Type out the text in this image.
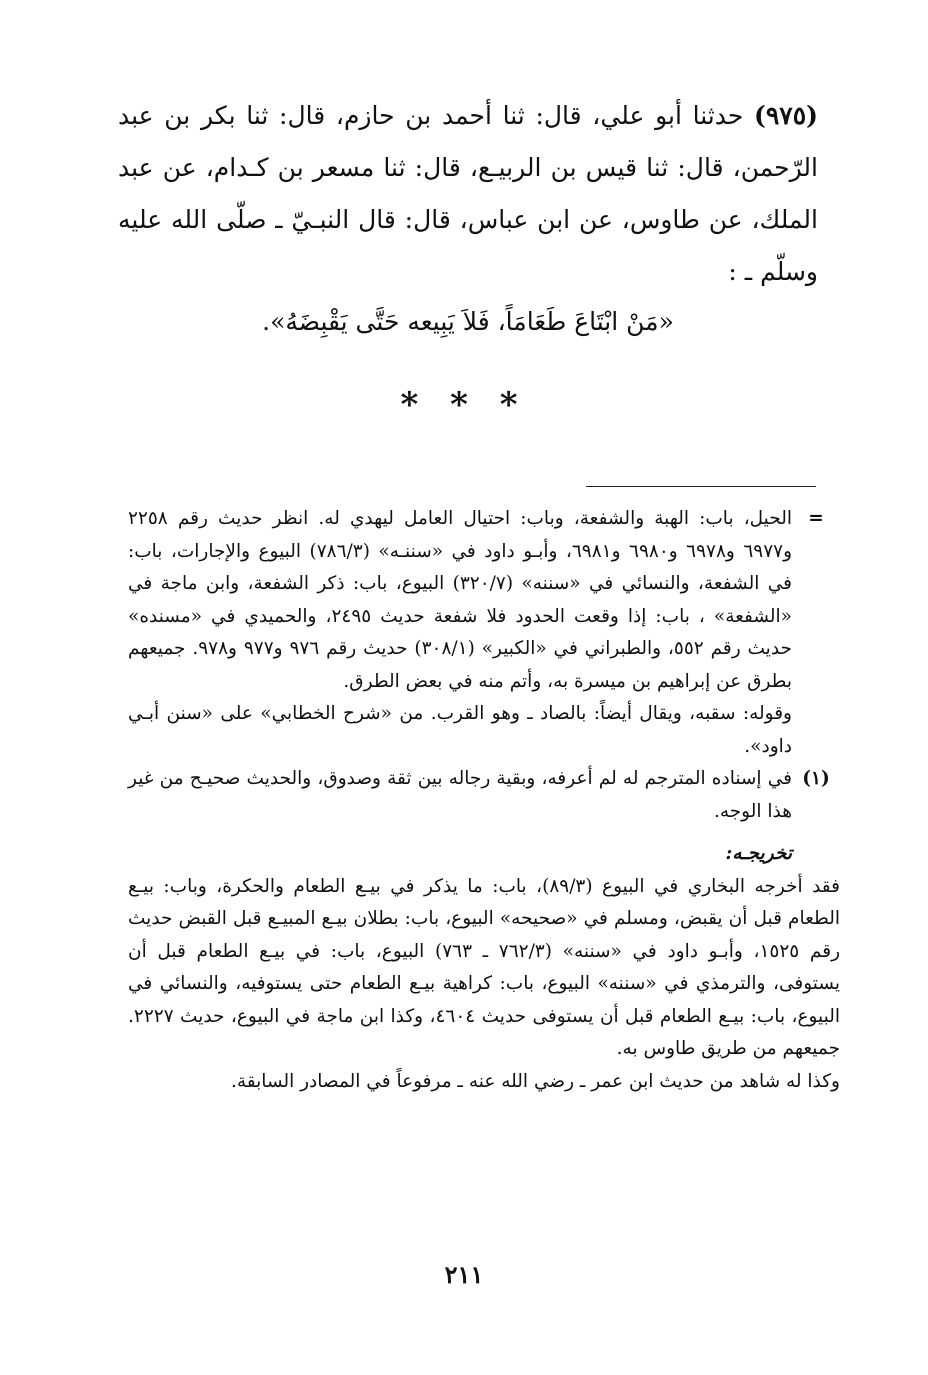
(٩٧٥) حدثنا أبو علي، قال: ثنا أحمد بن حازم، قال: ثنا بكر بن عبد الرّحمن، قال: ثنا قيس بن الربيـع، قال: ثنا مسعر بن كـدام، عن عبد الملك، عن طاوس، عن ابن عباس، قال: قال النبـيّ ـ صلّى الله عليه وسلّم ـ :

«مَنْ ابْتَاعَ طَعَامَاً، فَلاَ يَبِيعه حَتَّى يَقْبِضَهُ».
* * *
=

الحيل، باب: الهبة والشفعة، وباب: احتيال العامل ليهدي له. انظر حديث رقم ٢٢٥٨ و٦٩٧٧ و٦٩٧٨ و٦٩٨٠ و٦٩٨١، وأبـو داود في «سننـه» (٧٨٦/٣) البيوع والإجارات، باب: في الشفعة، والنسائي في «سننه» (٣٢٠/٧) البيوع، باب: ذكر الشفعة، وابن ماجة في «الشفعة» ، باب: إذا وقعت الحدود فلا شفعة حديث ٢٤٩٥، والحميدي في «مسنده» حديث رقم ٥٥٢، والطبراني في «الكبير» (٣٠٨/١) حديث رقم ٩٧٦ و٩٧٧ و٩٧٨. جميعهم بطرق عن إبراهيم بن ميسرة به، وأتم منه في بعض الطرق.

وقوله: سقبه، ويقال أيضاً: بالصاد ـ وهو القرب. من «شرح الخطابي» على «سنن أبـي داود».

(١)

في إسناده المترجم له لم أعرفه، وبقية رجاله بين ثقة وصدوق، والحديث صحيـح من غير هذا الوجه.

تخريجـه:

فقد أخرجه البخاري في البيوع (٨٩/٣)، باب: ما يذكر في بيـع الطعام والحكرة، وباب: بيـع الطعام قبل أن يقبض، ومسلم في «صحيحه» البيوع، باب: بطلان بيـع المبيـع قبل القبض حديث رقم ١٥٢٥، وأبـو داود في «سننه» (٧٦٢/٣ ـ ٧٦٣) البيوع، باب: في بيـع الطعام قبل أن يستوفى، والترمذي في «سننه» البيوع، باب: كراهية بيـع الطعام حتى يستوفيه، والنسائي في البيوع، باب: بيـع الطعام قبل أن يستوفى حديث ٤٦٠٤، وكذا ابن ماجة في البيوع، حديث ٢٢٢٧. جميعهم من طريق طاوس به.

وكذا له شاهد من حديث ابن عمر ـ رضي الله عنه ـ مرفوعاً في المصادر السابقة.

٢١١
